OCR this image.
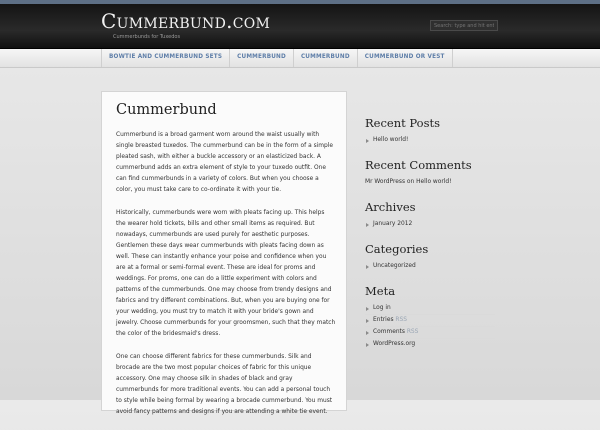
Cummerbund.com
Cummerbunds for Tuxedos
Search: type and hit enter...
BOWTIE AND CUMMERBUND SETS	CUMMERBUND	CUMMERBUND	CUMMERBUND OR VEST
Cummerbund

Cummerbund is a broad garment worn around the waist usually with single breasted tuxedos. The cummerbund can be in the form of a simple pleated sash, with either a buckle accessory or an elasticized back. A cummerbund adds an extra element of style to your tuxedo outfit. One can find cummerbunds in a variety of colors. But when you choose a color, you must take care to co-ordinate it with your tie.

Historically, cummerbunds were worn with pleats facing up. This helps the wearer hold tickets, bills and other small items as required. But nowadays, cummerbunds are used purely for aesthetic purposes. Gentlemen these days wear cummerbunds with pleats facing down as well. These can instantly enhance your poise and confidence when you are at a formal or semi-formal event. These are ideal for proms and weddings. For proms, one can do a little experiment with colors and patterns of the cummerbunds. One may choose from trendy designs and fabrics and try different combinations. But, when you are buying one for your wedding, you must try to match it with your bride's gown and jewelry. Choose cummerbunds for your groomsmen, such that they match the color of the bridesmaid's dress.

One can choose different fabrics for these cummerbunds. Silk and brocade are the two most popular choices of fabric for this unique accessory. One may choose silk in shades of black and gray cummerbunds for more traditional events. You can add a personal touch to style while being formal by wearing a brocade cummerbund. You must avoid fancy patterns and designs if you are attending a white tie event.

Recent Posts
Hello world!
Recent Comments
Mr WordPress on Hello world!
Archives
January 2012
Categories
Uncategorized
Meta
Log in
Entries RSS
Comments RSS
WordPress.org
